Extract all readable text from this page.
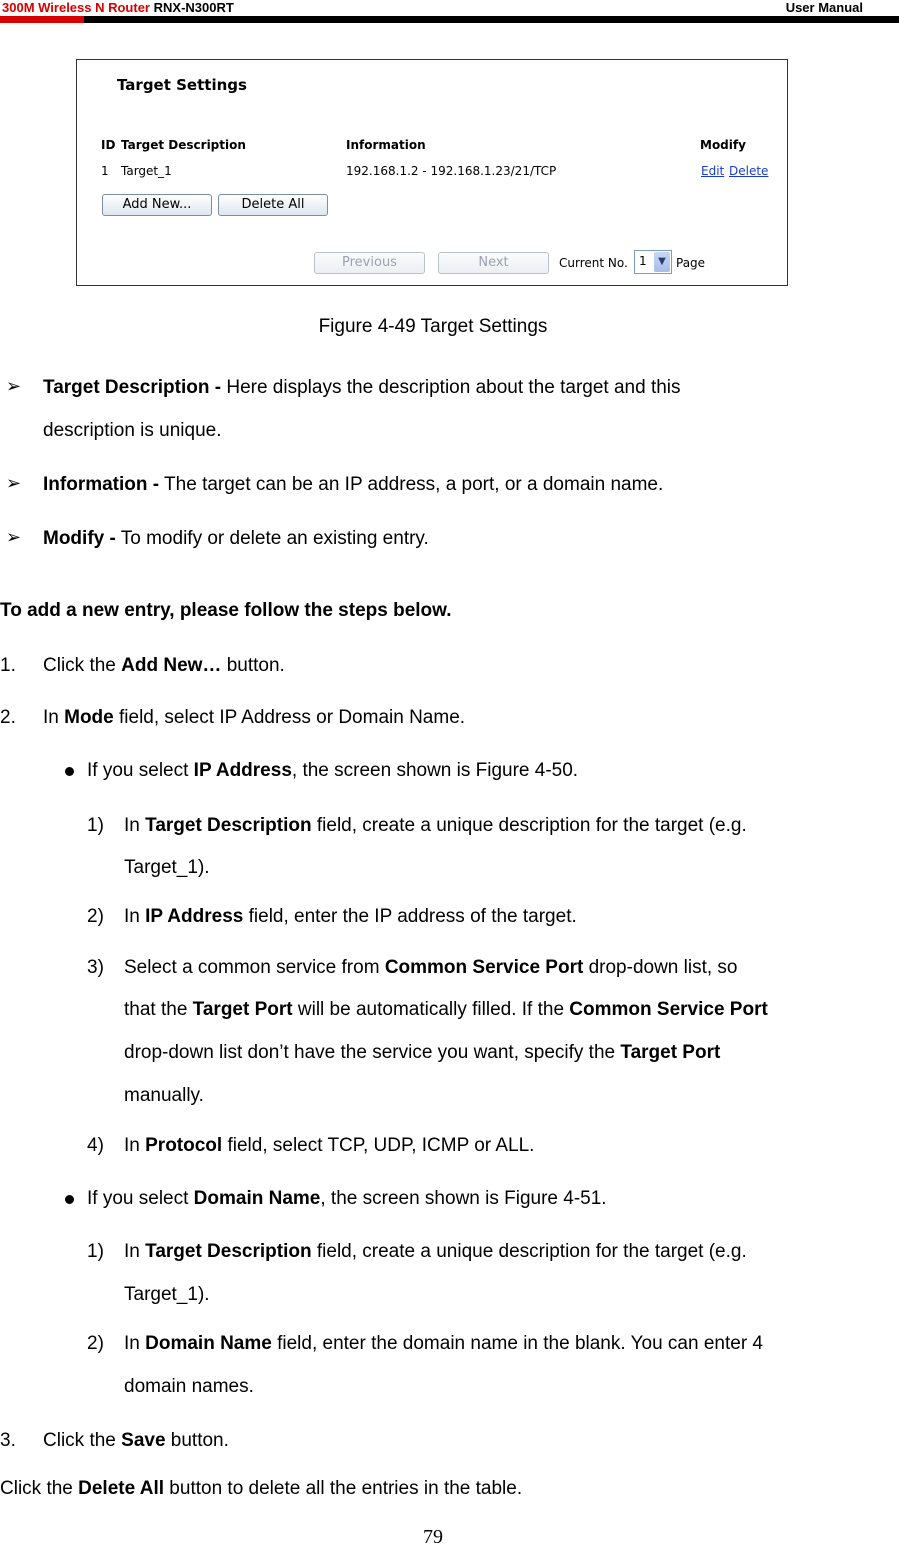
300M Wireless N Router RNX-N300RT	User Manual
Target Settings
ID Target Description	Information	Modify
1 Target_1	192.168.1.2 - 192.168.1.23/21/TCP	Edit Delete
Add New...	Delete All
Previous	Next	Current No. 1	▼ Page
Figure 4-49 Target Settings
➢ Target Description - Here displays the description about the target and this
description is unique.
➢ Information - The target can be an IP address, a port, or a domain name.
➢ Modify - To modify or delete an existing entry.
To add a new entry, please follow the steps below.
1. Click the Add New… button.
2. In Mode field, select IP Address or Domain Name.
If you select IP Address, the screen shown is Figure 4-50.
1) In Target Description field, create a unique description for the target (e.g.
Target_1).
2) In IP Address field, enter the IP address of the target.
3) Select a common service from Common Service Port drop-down list, so
that the Target Port will be automatically filled. If the Common Service Port
drop-down list don’t have the service you want, specify the Target Port
manually.
4) In Protocol field, select TCP, UDP, ICMP or ALL.
If you select Domain Name, the screen shown is Figure 4-51.
1) In Target Description field, create a unique description for the target (e.g.
Target_1).
2) In Domain Name field, enter the domain name in the blank. You can enter 4
domain names.
3. Click the Save button.
Click the Delete All button to delete all the entries in the table.
79
